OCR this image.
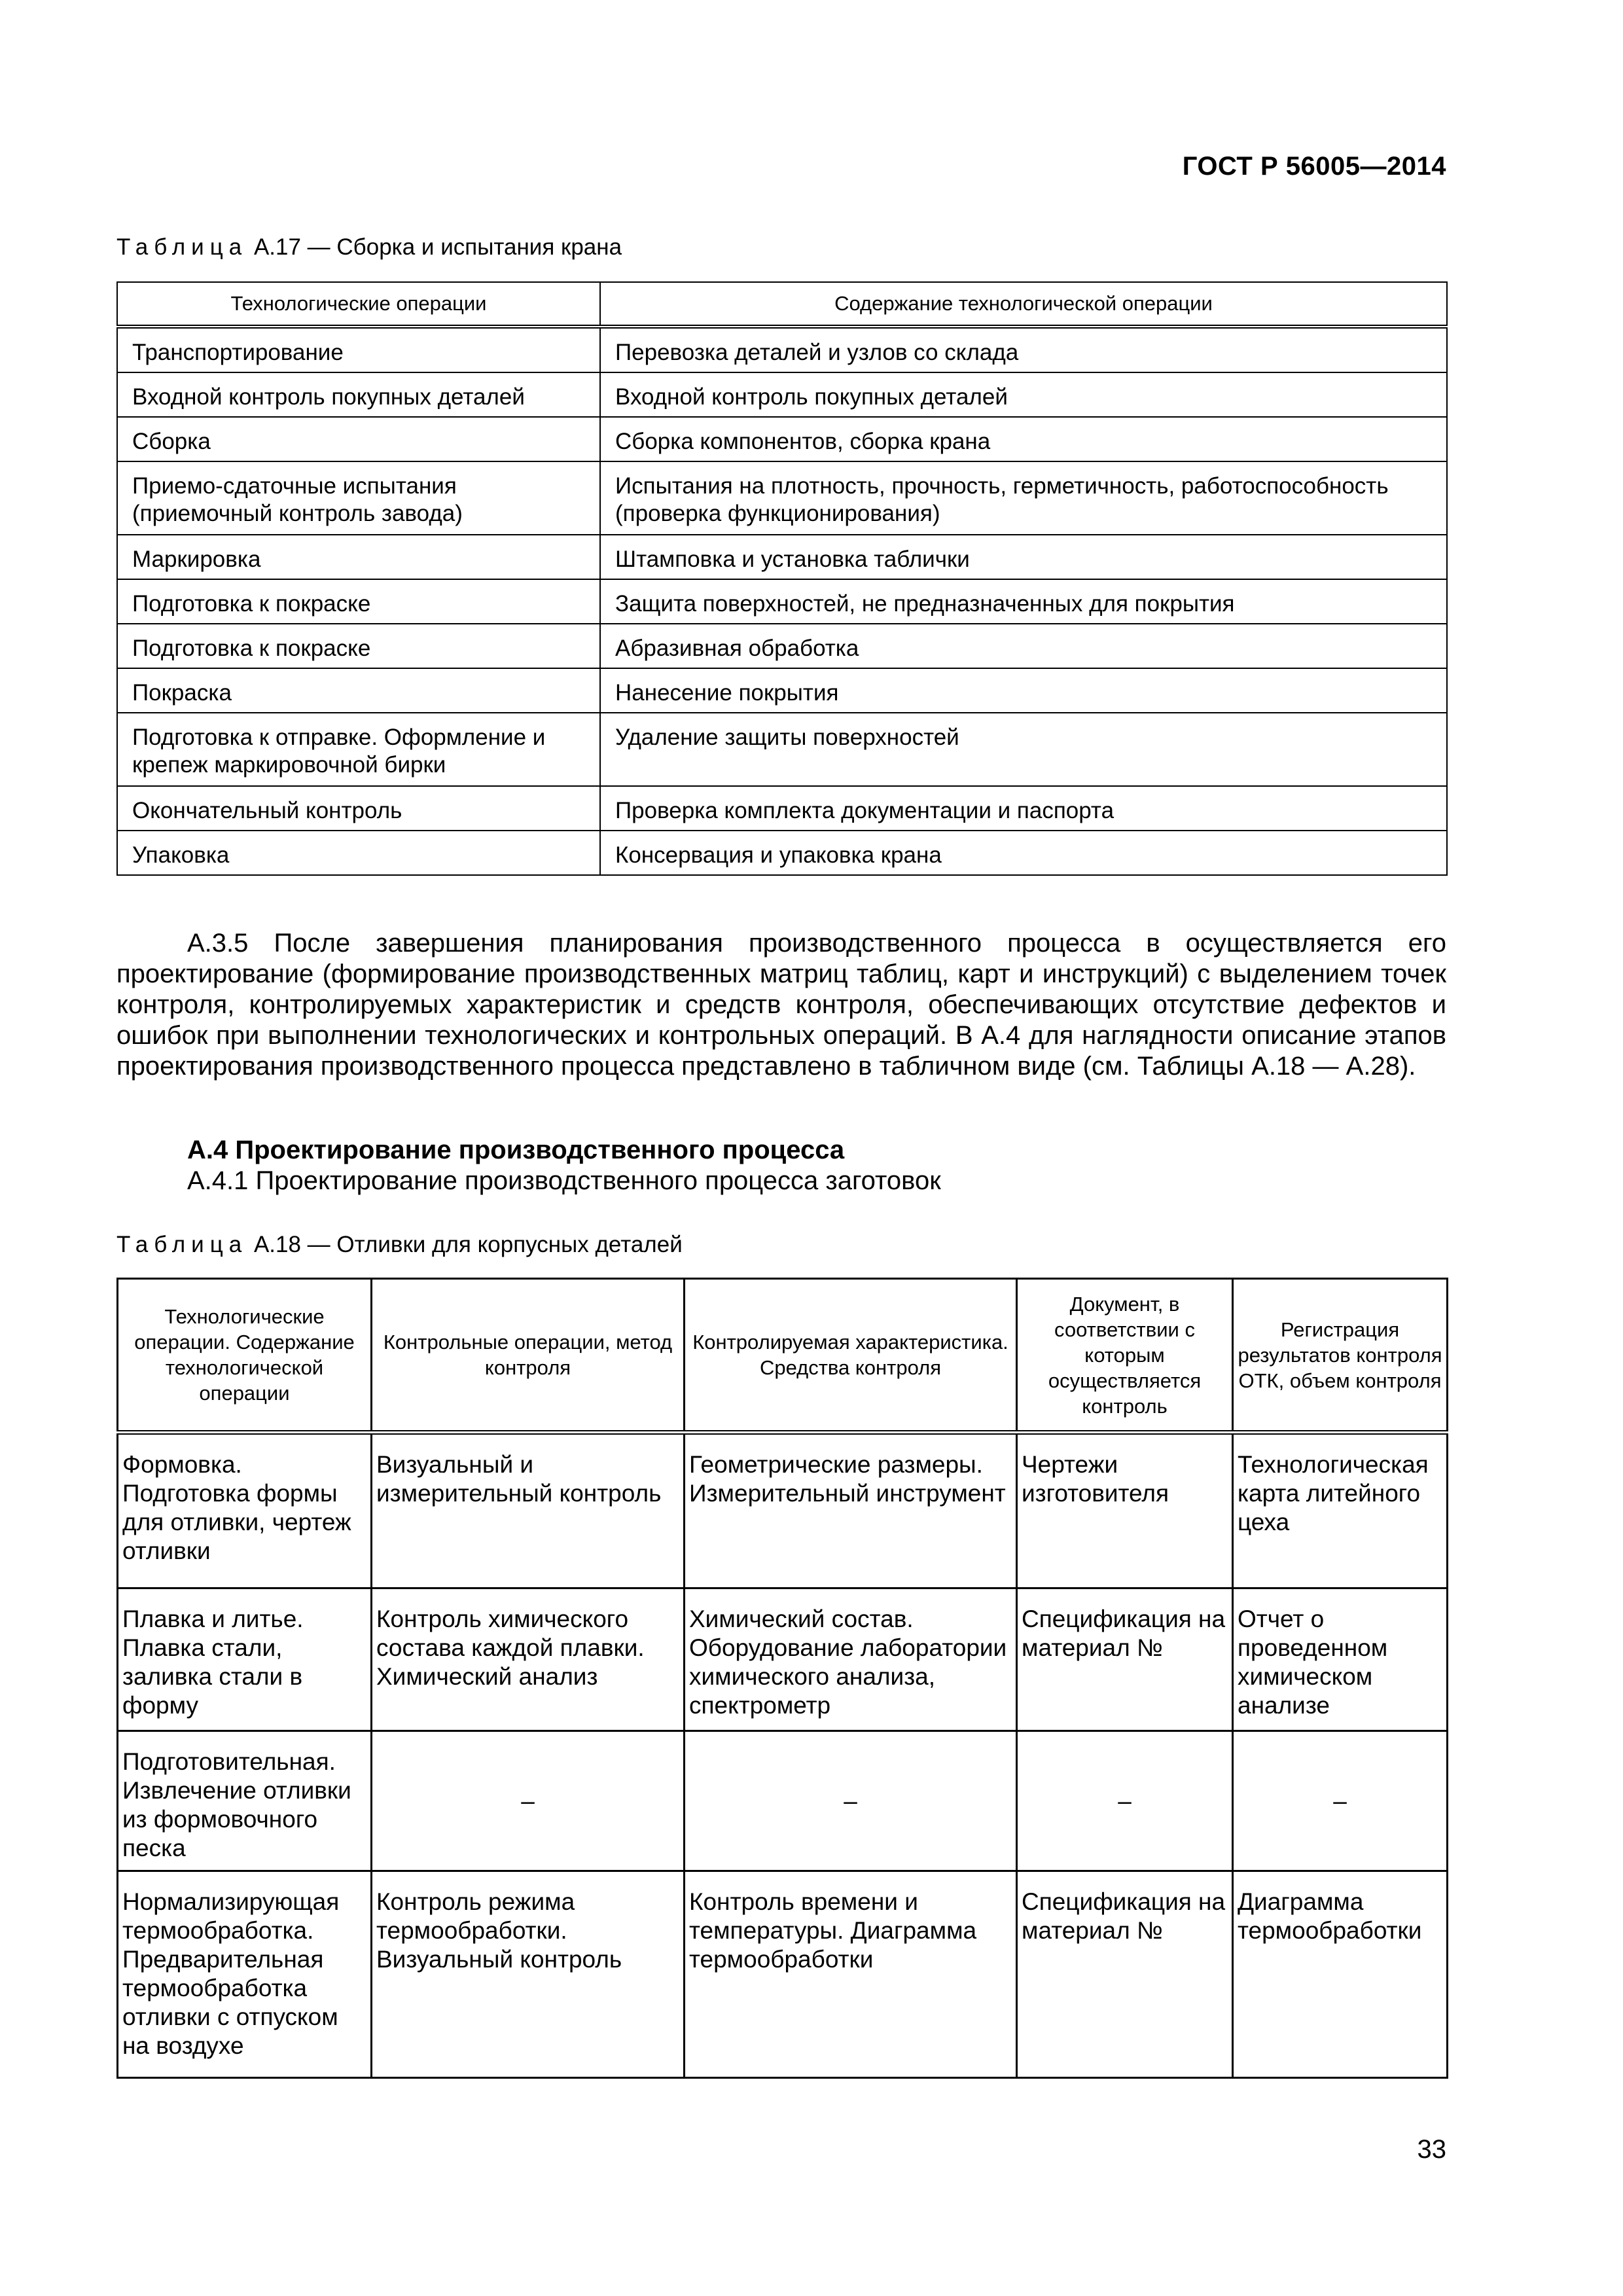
ГОСТ Р 56005—2014
Таблица А.17 — Сборка и испытания крана
Технологические операции	Содержание технологической операции
Транспортирование	Перевозка деталей и узлов со склада
Входной контроль покупных деталей	Входной контроль покупных деталей
Сборка	Сборка компонентов, сборка крана
Приемо-сдаточные испытания (приемочный контроль завода)	Испытания на плотность, прочность, герметичность, работоспособность (проверка функционирования)
Маркировка	Штамповка и установка таблички
Подготовка к покраске	Защита поверхностей, не предназначенных для покрытия
Подготовка к покраске	Абразивная обработка
Покраска	Нанесение покрытия
Подготовка к отправке. Оформление и крепеж маркировочной бирки	Удаление защиты поверхностей
Окончательный контроль	Проверка комплекта документации и паспорта
Упаковка	Консервация и упаковка крана
А.3.5 После завершения планирования производственного процесса в осуществляется его проектирование (формирование производственных матриц таблиц, карт и инструкций) с выделением точек контроля, контролируемых характеристик и средств контроля, обеспечивающих отсутствие дефектов и ошибок при выполнении технологических и контрольных операций. В А.4 для наглядности описание этапов проектирования производственного процесса представлено в табличном виде (см. Таблицы А.18 — А.28).
А.4 Проектирование производственного процесса
А.4.1 Проектирование производственного процесса заготовок
Таблица А.18 — Отливки для корпусных деталей
Технологические операции. Содержание технологической операции	Контрольные операции, метод контроля	Контролируемая характеристика. Средства контроля	Документ, в соответствии с которым осуществляется контроль	Регистрация результатов контроля ОТК, объем контроля
Формовка. Подготовка формы для отливки, чертеж отливки	Визуальный и измерительный контроль	Геометрические размеры. Измерительный инструмент	Чертежи изготовителя	Технологическая карта литейного цеха
Плавка и литье. Плавка стали, заливка стали в форму	Контроль химического состава каждой плавки. Химический анализ	Химический состав. Оборудование лаборатории химического анализа, спектрометр	Спецификация на материал №	Отчет о проведенном химическом анализе
Подготовительная. Извлечение отливки из формовочного песка	–	–	–	–
Нормализирующая термообработка. Предварительная термообработка отливки с отпуском на воздухе	Контроль режима термообработки. Визуальный контроль	Контроль времени и температуры. Диаграмма термообработки	Спецификация на материал №	Диаграмма термообработки
33
